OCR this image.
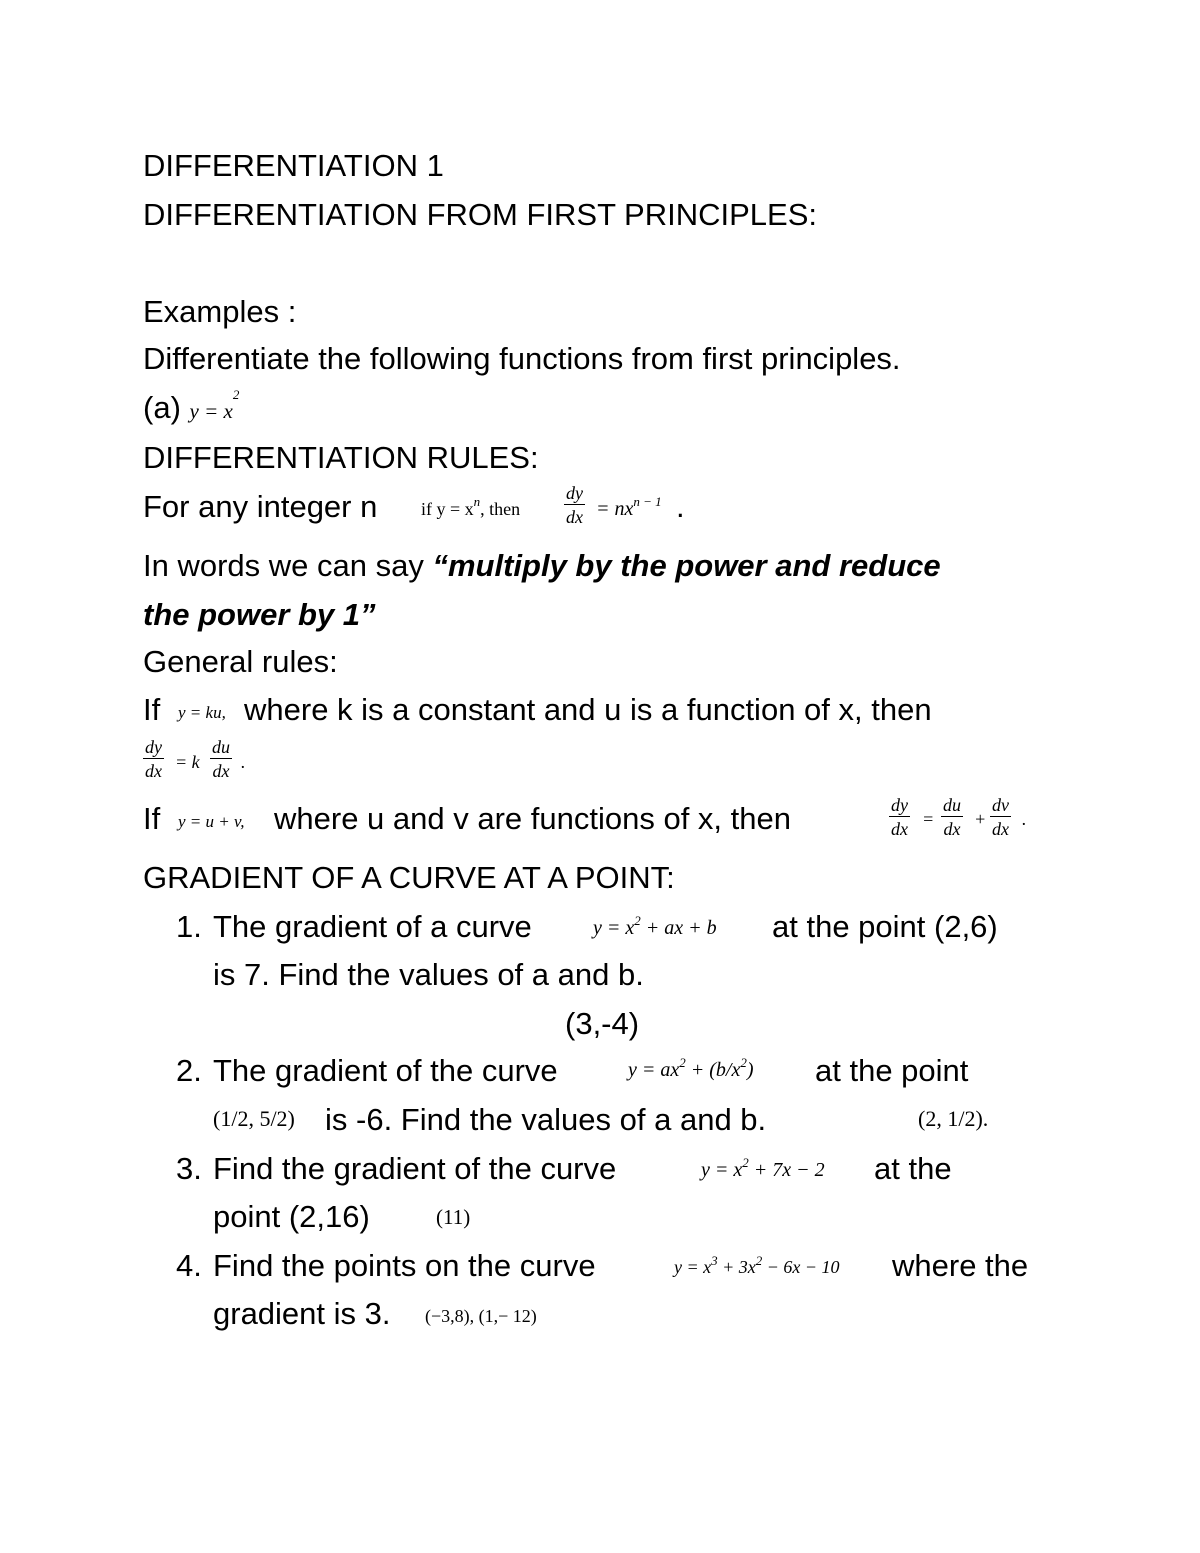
DIFFERENTIATION 1
DIFFERENTIATION FROM FIRST PRINCIPLES:
Examples :
Differentiate the following functions from first principles.
(a) $y = x^2$
DIFFERENTIATION RULES:
For any integer n if $y = x^n$, then $\frac{dy}{dx} = nx^{n - 1}$ .
In words we can say “multiply by the power and reduce
the power by 1”
General rules:
If y = ku, where k is a constant and u is a function of x, then
$\frac{dy}{dx} = k \frac{du}{dx}$ .
If y = u + v, where u and v are functions of x, then	$\frac{dy}{dx} = \frac{du}{dx} + \frac{dv}{dx}$ .
GRADIENT OF A CURVE AT A POINT:
1. The gradient of a curve	$y = x^2$ + ax + b at the point (2,6)
is 7. Find the values of a and b.
(3,-4)
2. The gradient of the curve	$y = ax^2 + (b/x^2)$ at the point
(1/2, 5/2) is -6. Find the values of a and b.	(2, 1/2).
3. Find the gradient of the curve	$y = x^2 + 7x - 2$ at the
point (2,16)	(11)
4. Find the points on the curve	$y = x^3 + 3x^2 - 6x - 10$ where the
gradient is 3. (−3,8), (1,− 12)
